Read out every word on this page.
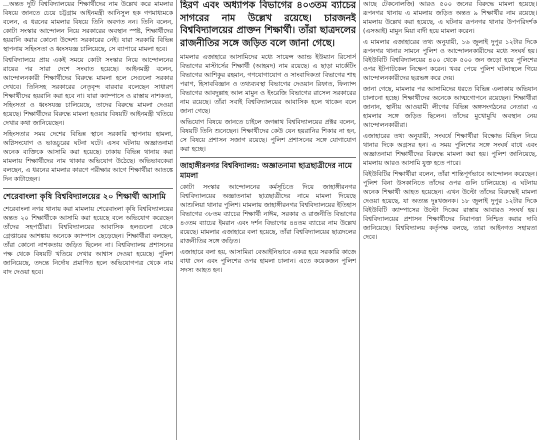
...অন্তত দুটি বিশ্ববিদ্যালয়ের শিক্ষার্থীদের নাম উল্লেখ করে মামলার বিষয়ে জানতে চেয়ে চট্টগ্রাম আইনমন্ত্রী আনিসুল হক গণমাধ্যমকে বলেন, এ ধরনের মামলার বিষয়ে তিনি অবগত নন। তিনি বলেন, কোটা সংস্কার আন্দোলন নিয়ে সরকারের অবস্থান স্পষ্ট, শিক্ষার্থীদের হয়রানি করার কোনো উদ্দেশ্য সরকারের নেই। যারা সরকারি বিভিন্ন স্থাপনায় সহিংসতা ও ধ্বংসযজ্ঞ চালিয়েছে, সে ব্যাপারে মামলা হবে।

বিশ্ববিদ্যালয়ে প্রায় একই সময়ে কোটা সংস্কার নিয়ে আন্দোলনের রায়ের পর সারা দেশে সংঘাত হয়েছে। আইনমন্ত্রী বলেন, আন্দোলনকারী শিক্ষার্থীদের বিরুদ্ধে মামলা হলে সেগুলো সরকার দেখবে। তিনিসহ সরকারের নেতৃবৃন্দ বারবার বলেছেন সাধারণ শিক্ষার্থীদের হয়রানি করা হবে না। যারা ক্যাম্পাসে ও রাস্তায় নাশকতা, সহিংসতা ও ধ্বংসযজ্ঞ চালিয়েছে, তাদের বিরুদ্ধে মামলা দেওয়া হয়েছে। শিক্ষার্থীদের বিরুদ্ধে মামলা হওয়ার বিষয়টি আইনমন্ত্রী খতিয়ে দেখার কথা জানিয়েছেন।

সহিংসতার সময় দেশের বিভিন্ন স্থানে সরকারি স্থাপনায় হামলা, অগ্নিসংযোগ ও ভাঙচুরের ঘটনা ঘটে। এসব ঘটনায় অজ্ঞাতনামা অনেক ব্যক্তিকে আসামি করা হয়েছে। ঢাকায় বিভিন্ন থানায় করা মামলায় শিক্ষার্থীদের নাম থাকার অভিযোগ উঠেছে। অভিভাবকেরা বলছেন, এ ধরনের মামলার কারণে পরীক্ষার আগে শিক্ষার্থীরা আতঙ্কে দিন কাটাচ্ছেন।

শেরেবাংলা কৃষি বিশ্ববিদ্যালয়ের ২০ শিক্ষার্থী আসামি

শেরেবাংলা নগর থানায় করা মামলায় শেরেবাংলা কৃষি বিশ্ববিদ্যালয়ের অন্তত ২০ শিক্ষার্থীকে আসামি করা হয়েছে বলে অভিযোগ করেছেন তাঁদের সহপাঠীরা। বিশ্ববিদ্যালয়ের আবাসিক হলগুলো থেকে গ্রেপ্তারের আশঙ্কায় অনেকে ক্যাম্পাস ছেড়েছেন। শিক্ষার্থীরা বলছেন, তাঁরা কোনো নাশকতায় জড়িত ছিলেন না। বিশ্ববিদ্যালয় প্রশাসনের পক্ষ থেকে বিষয়টি খতিয়ে দেখার আশ্বাস দেওয়া হয়েছে। পুলিশ জানিয়েছে, তদন্তে নির্দোষ প্রমাণিত হলে অভিযোগপত্র থেকে নাম বাদ দেওয়া হবে।

হিরণ এবং অধ্যাপক বিভাগের ৪০৩তম ব্যাচের সাগরের নাম উল্লেখ রয়েছে। চারজনই বিশ্ববিদ্যালয়ের প্রাক্তন শিক্ষার্থী। তাঁরা ছাত্রদলের রাজনীতির সঙ্গে জড়িত বলে জানা গেছে।

মামলার এজাহারে আসামিদের মধ্যে সায়েন্স অ্যান্ড ইউম্যান রিসোর্স বিভাগের মাস্টার্সের শিক্ষার্থী (আহমদ) নাম রয়েছে। এ ছাড়া মার্কেটিং বিভাগের আশিকুর রহমান, গণযোগাযোগ ও সাংবাদিকতা বিভাগের শাহ পরাণ, হিসাববিজ্ঞান ও তথ্যব্যবস্থা বিভাগের দেওয়ান রিফাত, ফিন্যান্স বিভাগের আবদুল্লাহ আল মামুন ও ইংরেজি বিভাগের রাসেল সরকারের নাম রয়েছে। তাঁরা সবাই বিশ্ববিদ্যালয়ের আবাসিক হলে থাকেন বলে জানা গেছে।

অভিযোগ বিষয়ে জানতে চাইলে জগন্নাথ বিশ্ববিদ্যালয়ের প্রক্টর বলেন, বিষয়টি তিনি শুনেছেন। শিক্ষার্থীদের কেউ যেন হয়রানির শিকার না হন, সে বিষয়ে প্রশাসন সজাগ রয়েছে। পুলিশ প্রশাসনের সঙ্গে যোগাযোগ করা হচ্ছে।

জাহাঙ্গীরনগর বিশ্ববিদ্যালয়: অজ্ঞাতনামা ছাত্রছাত্রীদের নামে মামলা

কোটা সংস্কার আন্দোলনের কর্মসূচিতে দিয়ে জাহাঙ্গীরনগর বিশ্ববিদ্যালয়ের অজ্ঞাতনামা ছাত্রছাত্রীদের নামে মামলা দিয়েছে আশুলিয়া থানার পুলিশ। মামলায় জাহাঙ্গীরনগর বিশ্ববিদ্যালয়ের ইতিহাস বিভাগের ৩৮তম ব্যাচের শিক্ষার্থী নাঈম, সরকার ও রাজনীতি বিভাগের ৪৩তম ব্যাচের ইমরান এবং দর্শন বিভাগের ৪৪তম ব্যাচের নাম উল্লেখ রয়েছে। মামলার এজাহারে বলা হয়েছে, তাঁরা বিশ্ববিদ্যালয়ের ছাত্রদলের রাজনীতির সঙ্গে জড়িত।

এজাহারে বলা হয়, আসামিরা বেআইনিভাবে একত্র হয়ে সরকারি কাজে বাধা দেন এবং পুলিশের ওপর হামলা চালান। এতে কয়েকজন পুলিশ সদস্য আহত হন।

আছে টেকনোলজি) আরও ৫০০ জনের বিরুদ্ধে মামলা হয়েছে। রূপনগর থানায় এ মামলায় জড়িত অন্তত ৯ শিক্ষার্থীর নাম রয়েছে। মামলায় উল্লেখ করা হয়েছে, এ ঘটনায় রূপনগর থানার উপপরিদর্শক (এসআই) মামুন মিয়া বাদী হয়ে মামলা করেন।

এ মামলার এজাহারের তথ্য অনুযায়ী, ১৬ জুলাই দুপুর ১২টার দিকে রূপনগর থানার সামনে পুলিশ ও আন্দোলনকারীদের মধ্যে সংঘর্ষ হয়। বিইউবিটি বিশ্ববিদ্যালয়ের ৪০০ থেকে ৫০০ জন জড়ো হয়ে পুলিশের ওপর ইটপাটকেল নিক্ষেপ করেন। খবর পেয়ে পুলিশ ঘটনাস্থলে গিয়ে আন্দোলনকারীদের ছত্রভঙ্গ করে দেয়।

জানা গেছে, মামলার পর আসামিদের ধরতে বিভিন্ন এলাকায় অভিযান চালানো হচ্ছে। শিক্ষার্থীদের অনেকে আত্মগোপনে রয়েছেন। শিক্ষার্থীরা জানান, স্থানীয় আওয়ামী লীগের বিভিন্ন অঙ্গসংগঠনের নেতারা এ হামলার সঙ্গে জড়িত ছিলেন। তাঁদের মুখোমুখি অবস্থান নেয় আন্দোলনকারীরা।

এজাহারের তথ্য অনুযায়ী, সংঘর্ষে শিক্ষার্থীরা বিক্ষোভ মিছিল নিয়ে থানার দিকে অগ্রসর হন। এ সময় পুলিশের সঙ্গে সংঘর্ষ বাধে এবং অজ্ঞাতনামা শিক্ষার্থীদের বিরুদ্ধে মামলা করা হয়। পুলিশ জানিয়েছে, মামলায় আরও আসামি যুক্ত হতে পারে।

বিইউবিটির শিক্ষার্থীরা বলেন, তাঁরা শান্তিপূর্ণভাবে আন্দোলন করেছেন। পুলিশ বিনা উসকানিতে তাঁদের ওপর গুলি চালিয়েছে। এ ঘটনায় অনেক শিক্ষার্থী আহত হয়েছেন। এখন উল্টো তাঁদের বিরুদ্ধেই মামলা দেওয়া হয়েছে, যা অত্যন্ত দুঃখজনক। ১৮ জুলাই দুপুর ১২টার দিকে বিইউবিটি ক্যাম্পাসের উল্টো দিকের রাস্তায় আবারও সংঘর্ষ হয়। বিশ্ববিদ্যালয়ের প্রশাসন শিক্ষার্থীদের নিরাপত্তা নিশ্চিত করার দাবি জানিয়েছে। বিশ্ববিদ্যালয় কর্তৃপক্ষ বলছে, তারা আইনগত সহায়তা দেবে।
